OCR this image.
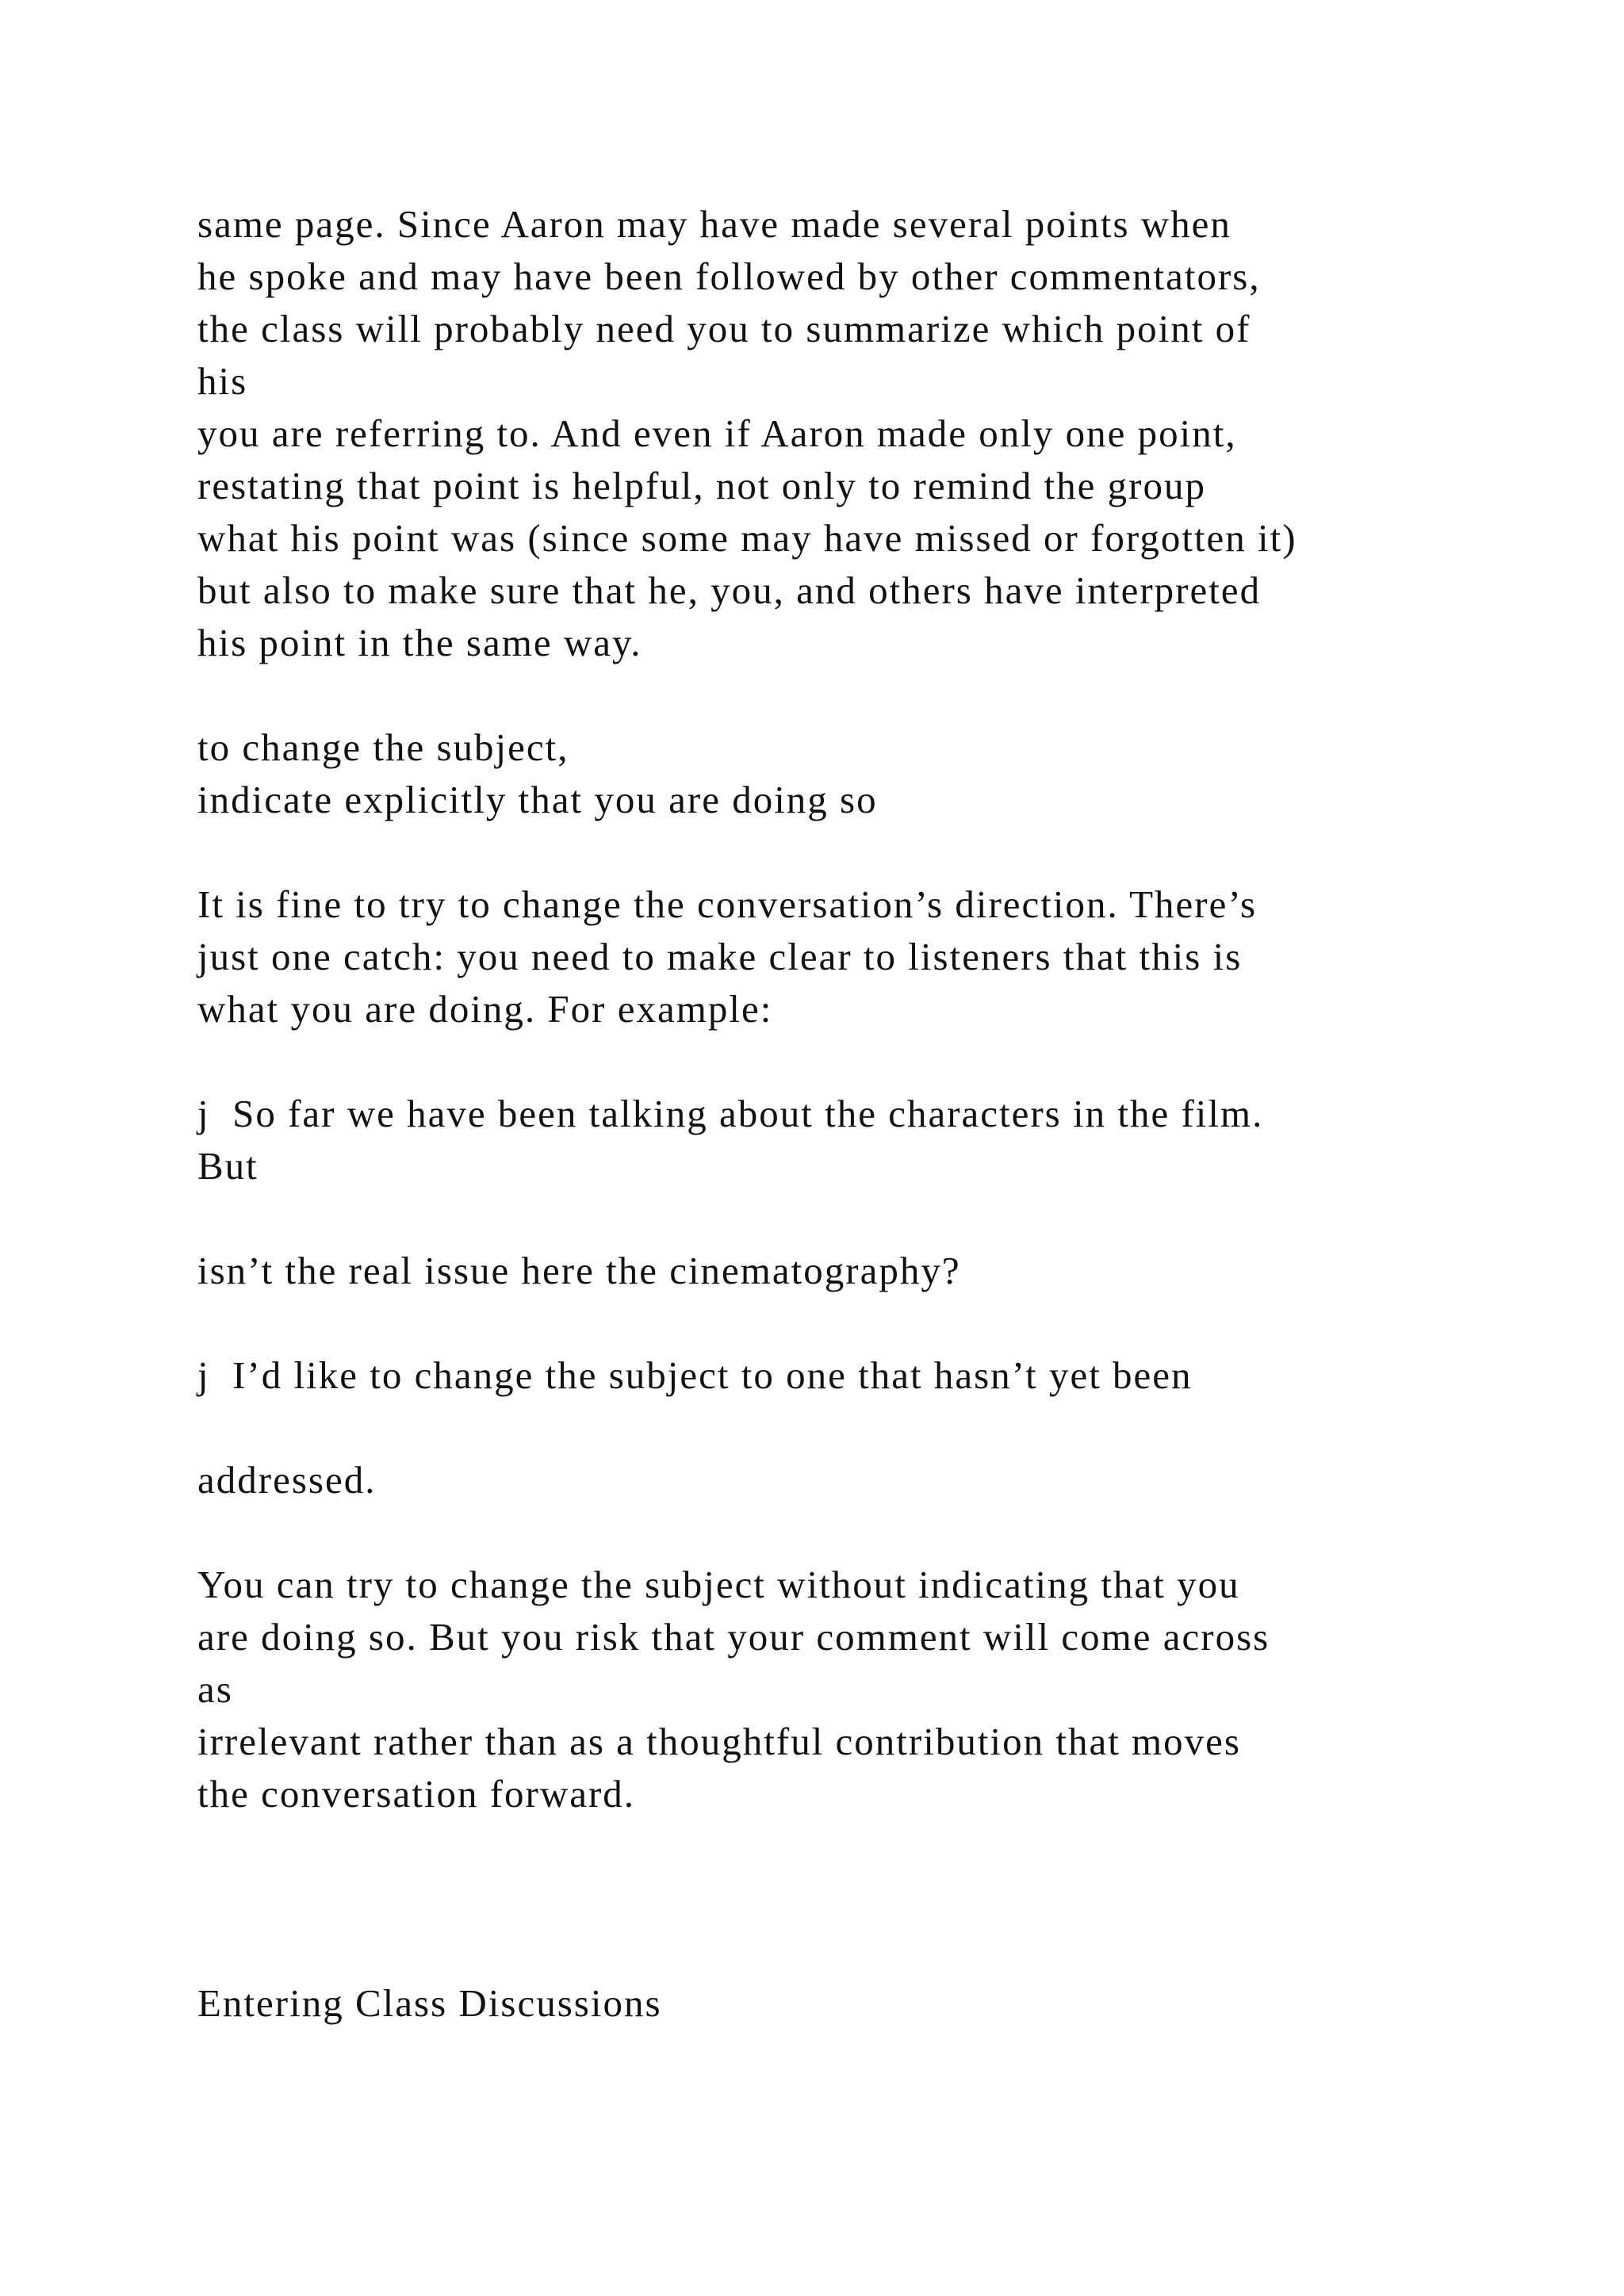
same page. Since Aaron may have made several points when

he spoke and may have been followed by other commentators,

the class will probably need you to summarize which point of

his

you are referring to. And even if Aaron made only one point,

restating that point is helpful, not only to remind the group

what his point was (since some may have missed or forgotten it)

but also to make sure that he, you, and others have interpreted

his point in the same way.

to change the subject,

indicate explicitly that you are doing so

It is fine to try to change the conversation’s direction. There’s

just one catch: you need to make clear to listeners that this is

what you are doing. For example:

j  So far we have been talking about the characters in the film.

But

isn’t the real issue here the cinematography?

j  I’d like to change the subject to one that hasn’t yet been

addressed.

You can try to change the subject without indicating that you

are doing so. But you risk that your comment will come across

as

irrelevant rather than as a thoughtful contribution that moves

the conversation forward.

Entering Class Discussions
